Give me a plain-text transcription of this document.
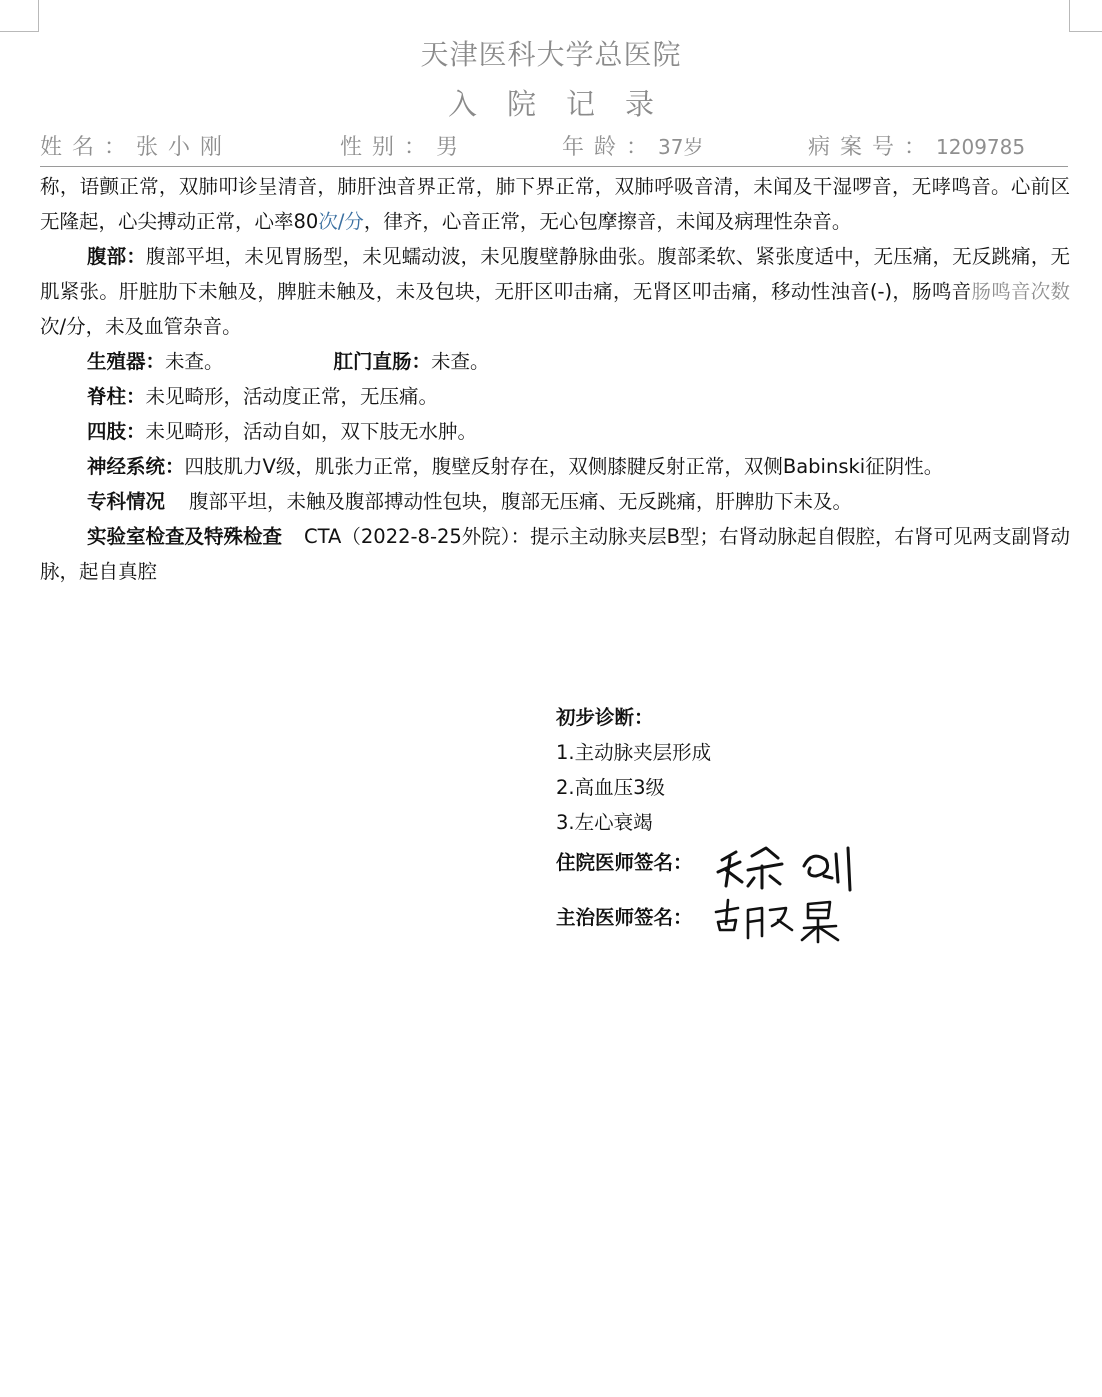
天津医科大学总医院
入院记录
姓名：张小刚	性别：男	年龄：37岁	病案号：1209785

称，语颤正常，双肺叩诊呈清音，肺肝浊音界正常，肺下界正常，双肺呼吸音清，未闻及干湿啰音，无哮鸣音。心前区无隆起，心尖搏动正常，心率80次/分，律齐，心音正常，无心包摩擦音，未闻及病理性杂音。

腹部：腹部平坦，未见胃肠型，未见蠕动波，未见腹壁静脉曲张。腹部柔软、紧张度适中，无压痛，无反跳痛，无肌紧张。肝脏肋下未触及，脾脏未触及，未及包块，无肝区叩击痛，无肾区叩击痛，移动性浊音(-)，肠鸣音肠鸣音次数次/分，未及血管杂音。

生殖器：未查。	肛门直肠：未查。

脊柱：未见畸形，活动度正常，无压痛。

四肢：未见畸形，活动自如，双下肢无水肿。

神经系统：四肢肌力Ⅴ级，肌张力正常，腹壁反射存在，双侧膝腱反射正常，双侧Babinski征阴性。

专科情况 腹部平坦，未触及腹部搏动性包块，腹部无压痛、无反跳痛，肝脾肋下未及。

实验室检查及特殊检查 CTA（2022-8-25外院）：提示主动脉夹层B型；右肾动脉起自假腔，右肾可见两支副肾动脉，起自真腔

初步诊断：

1.主动脉夹层形成

2.高血压3级

3.左心衰竭

住院医师签名：
主治医师签名：
